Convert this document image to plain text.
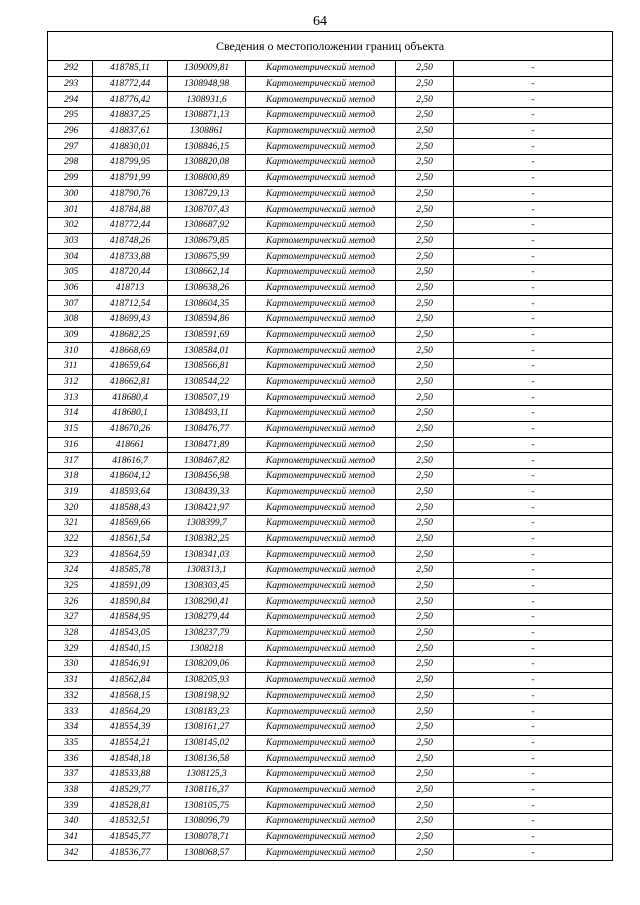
64
Сведения о местоположении границ объекта					
292	418785,11	1309009,81	Картометрический метод	2,50	-
293	418772,44	1308948,98	Картометрический метод	2,50	-
294	418776,42	1308931,6	Картометрический метод	2,50	-
295	418837,25	1308871,13	Картометрический метод	2,50	-
296	418837,61	1308861	Картометрический метод	2,50	-
297	418830,01	1308846,15	Картометрический метод	2,50	-
298	418799,95	1308820,08	Картометрический метод	2,50	-
299	418791,99	1308800,89	Картометрический метод	2,50	-
300	418790,76	1308729,13	Картометрический метод	2,50	-
301	418784,88	1308707,43	Картометрический метод	2,50	-
302	418772,44	1308687,92	Картометрический метод	2,50	-
303	418748,26	1308679,85	Картометрический метод	2,50	-
304	418733,88	1308675,99	Картометрический метод	2,50	-
305	418720,44	1308662,14	Картометрический метод	2,50	-
306	418713	1308638,26	Картометрический метод	2,50	-
307	418712,54	1308604,35	Картометрический метод	2,50	-
308	418699,43	1308594,86	Картометрический метод	2,50	-
309	418682,25	1308591,69	Картометрический метод	2,50	-
310	418668,69	1308584,01	Картометрический метод	2,50	-
311	418659,64	1308566,81	Картометрический метод	2,50	-
312	418662,81	1308544,22	Картометрический метод	2,50	-
313	418680,4	1308507,19	Картометрический метод	2,50	-
314	418680,1	1308493,11	Картометрический метод	2,50	-
315	418670,26	1308476,77	Картометрический метод	2,50	-
316	418661	1308471,89	Картометрический метод	2,50	-
317	418616,7	1308467,82	Картометрический метод	2,50	-
318	418604,12	1308456,98	Картометрический метод	2,50	-
319	418593,64	1308439,33	Картометрический метод	2,50	-
320	418588,43	1308421,97	Картометрический метод	2,50	-
321	418569,66	1308399,7	Картометрический метод	2,50	-
322	418561,54	1308382,25	Картометрический метод	2,50	-
323	418564,59	1308341,03	Картометрический метод	2,50	-
324	418585,78	1308313,1	Картометрический метод	2,50	-
325	418591,09	1308303,45	Картометрический метод	2,50	-
326	418590,84	1308290,41	Картометрический метод	2,50	-
327	418584,95	1308279,44	Картометрический метод	2,50	-
328	418543,05	1308237,79	Картометрический метод	2,50	-
329	418540,15	1308218	Картометрический метод	2,50	-
330	418546,91	1308209,06	Картометрический метод	2,50	-
331	418562,84	1308205,93	Картометрический метод	2,50	-
332	418568,15	1308198,92	Картометрический метод	2,50	-
333	418564,29	1308183,23	Картометрический метод	2,50	-
334	418554,39	1308161,27	Картометрический метод	2,50	-
335	418554,21	1308145,02	Картометрический метод	2,50	-
336	418548,18	1308136,58	Картометрический метод	2,50	-
337	418533,88	1308125,3	Картометрический метод	2,50	-
338	418529,77	1308116,37	Картометрический метод	2,50	-
339	418528,81	1308105,75	Картометрический метод	2,50	-
340	418532,51	1308096,79	Картометрический метод	2,50	-
341	418545,77	1308078,71	Картометрический метод	2,50	-
342	418536,77	1308068,57	Картометрический метод	2,50	-
